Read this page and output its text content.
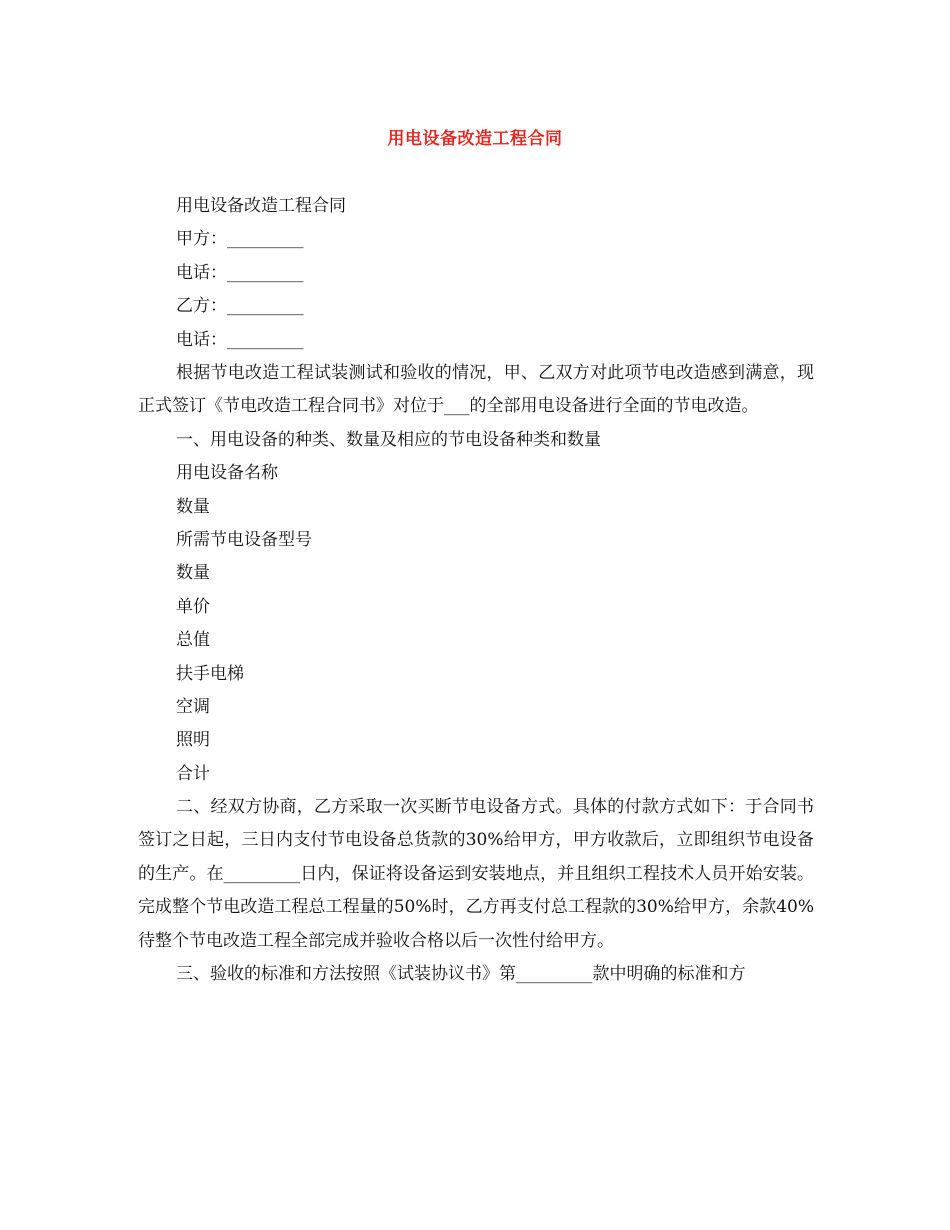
用电设备改造工程合同
用电设备改造工程合同
甲方：_________
电话：_________
乙方：_________
电话：_________
根据节电改造工程试装测试和验收的情况，甲、乙双方对此项节电改造感到满意，现正式签订《节电改造工程合同书》对位于___的全部用电设备进行全面的节电改造。
一、用电设备的种类、数量及相应的节电设备种类和数量
用电设备名称
数量
所需节电设备型号
数量
单价
总值
扶手电梯
空调
照明
合计
二、经双方协商，乙方采取一次买断节电设备方式。具体的付款方式如下：于合同书签订之日起，三日内支付节电设备总货款的30%给甲方，甲方收款后，立即组织节电设备的生产。在_________日内，保证将设备运到安装地点，并且组织工程技术人员开始安装。完成整个节电改造工程总工程量的50%时，乙方再支付总工程款的30%给甲方，余款40%待整个节电改造工程全部完成并验收合格以后一次性付给甲方。
三、验收的标准和方法按照《试装协议书》第_________款中明确的标准和方
